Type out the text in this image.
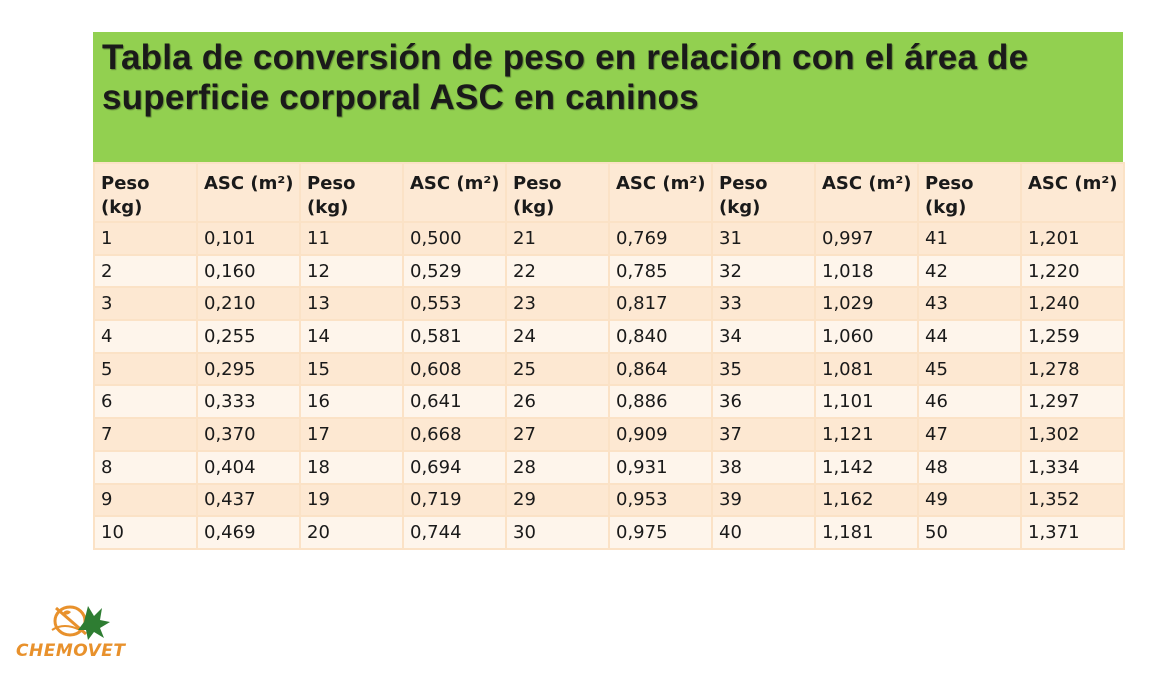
Tabla de conversión de peso en relación con el área de superficie corporal ASC en caninos
Peso (kg)	ASC (m²)	Peso (kg)	ASC (m²)	Peso (kg)	ASC (m²)	Peso (kg)	ASC (m²)	Peso (kg)	ASC (m²)
1	0,101	11	0,500	21	0,769	31	0,997	41	1,201
2	0,160	12	0,529	22	0,785	32	1,018	42	1,220
3	0,210	13	0,553	23	0,817	33	1,029	43	1,240
4	0,255	14	0,581	24	0,840	34	1,060	44	1,259
5	0,295	15	0,608	25	0,864	35	1,081	45	1,278
6	0,333	16	0,641	26	0,886	36	1,101	46	1,297
7	0,370	17	0,668	27	0,909	37	1,121	47	1,302
8	0,404	18	0,694	28	0,931	38	1,142	48	1,334
9	0,437	19	0,719	29	0,953	39	1,162	49	1,352
10	0,469	20	0,744	30	0,975	40	1,181	50	1,371
CHEMOVET
